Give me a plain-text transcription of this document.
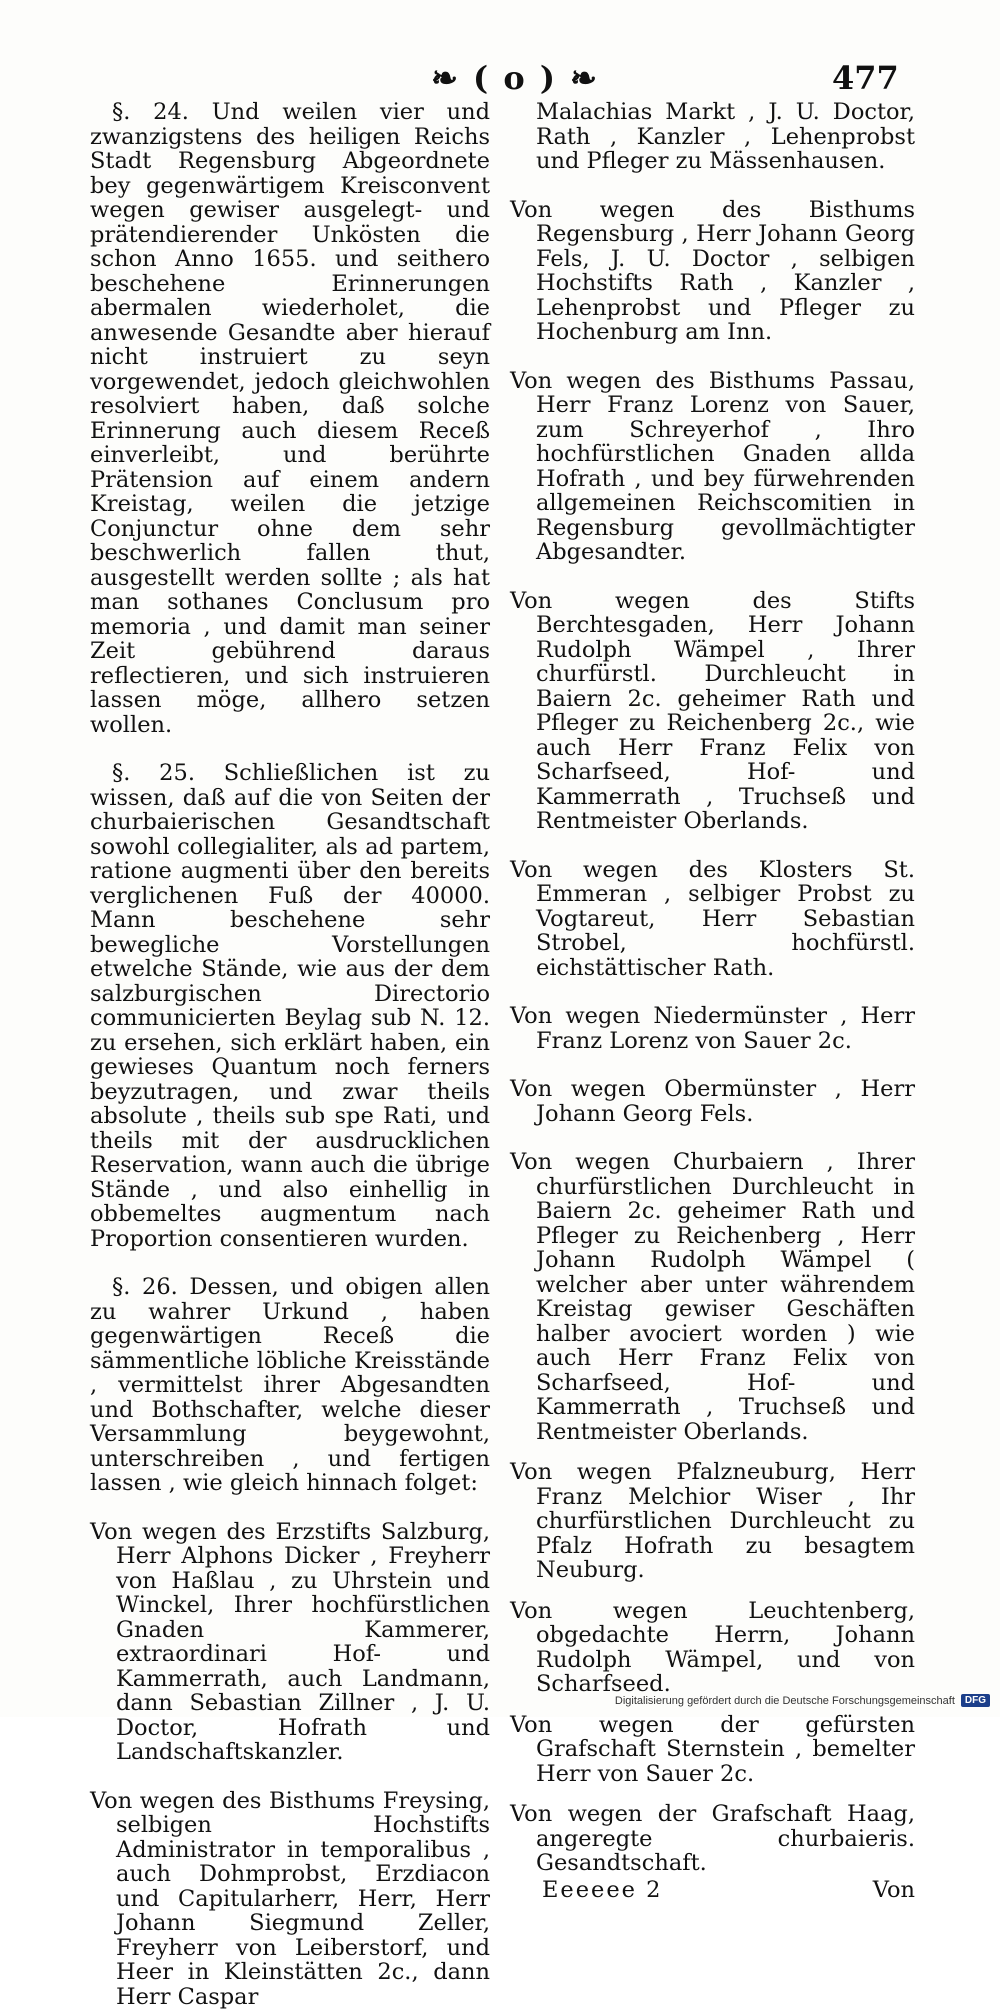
❧ ( o ) ❧	477

§. 24. Und weilen vier und zwanzigstens des heiligen Reichs Stadt Regensburg Abgeordnete bey gegenwärtigem Kreisconvent wegen gewiser ausgelegt- und prätendierender Unkösten die schon Anno 1655. und seithero beschehene Erinnerungen abermalen wiederholet, die anwesende Gesandte aber hierauf nicht instruiert zu seyn vorgewendet, jedoch gleichwohlen resolviert haben, daß solche Erinnerung auch diesem Receß einverleibt, und berührte Prätension auf einem andern Kreistag, weilen die jetzige Conjunctur ohne dem sehr beschwerlich fallen thut, ausgestellt werden sollte ; als hat man sothanes Conclusum pro memoria , und damit man seiner Zeit gebührend daraus reflectieren, und sich instruieren lassen möge, allhero setzen wollen.

§. 25. Schließlichen ist zu wissen, daß auf die von Seiten der churbaierischen Gesandtschaft sowohl collegialiter, als ad partem, ratione augmenti über den bereits verglichenen Fuß der 40000. Mann beschehene sehr bewegliche Vorstellungen etwelche Stände, wie aus der dem salzburgischen Directorio communicierten Beylag sub N. 12. zu ersehen, sich erklärt haben, ein gewieses Quantum noch ferners beyzutragen, und zwar theils absolute , theils sub spe Rati, und theils mit der ausdrucklichen Reservation, wann auch die übrige Stände , und also einhellig in obbemeltes augmentum nach Proportion consentieren wurden.

§. 26. Dessen, und obigen allen zu wahrer Urkund , haben gegenwärtigen Receß die sämmentliche löbliche Kreisstände , vermittelst ihrer Abgesandten und Bothschafter, welche dieser Versammlung beygewohnt, unterschreiben , und fertigen lassen , wie gleich hinnach folget:

Von wegen des Erzstifts Salzburg, Herr Alphons Dicker , Freyherr von Haßlau , zu Uhrstein und Winckel, Ihrer hochfürstlichen Gnaden Kammerer, extraordinari Hof- und Kammerrath, auch Landmann, dann Sebastian Zillner , J. U. Doctor, Hofrath und Landschaftskanzler.

Von wegen des Bisthums Freysing, selbigen Hochstifts Administrator in temporalibus , auch Dohmprobst, Erzdiacon und Capitularherr, Herr, Herr Johann Siegmund Zeller, Freyherr von Leiberstorf, und Heer in Kleinstätten 2c., dann Herr Caspar

Malachias Markt , J. U. Doctor, Rath , Kanzler , Lehenprobst und Pfleger zu Mässenhausen.

Von wegen des Bisthums Regensburg , Herr Johann Georg Fels, J. U. Doctor , selbigen Hochstifts Rath , Kanzler , Lehenprobst und Pfleger zu Hochenburg am Inn.

Von wegen des Bisthums Passau, Herr Franz Lorenz von Sauer, zum Schreyerhof , Ihro hochfürstlichen Gnaden allda Hofrath , und bey fürwehrenden allgemeinen Reichscomitien in Regensburg gevollmächtigter Abgesandter.

Von wegen des Stifts Berchtesgaden, Herr Johann Rudolph Wämpel , Ihrer churfürstl. Durchleucht in Baiern 2c. geheimer Rath und Pfleger zu Reichenberg 2c., wie auch Herr Franz Felix von Scharfseed, Hof- und Kammerrath , Truchseß und Rentmeister Oberlands.

Von wegen des Klosters St. Emmeran , selbiger Probst zu Vogtareut, Herr Sebastian Strobel, hochfürstl. eichstättischer Rath.

Von wegen Niedermünster , Herr Franz Lorenz von Sauer 2c.

Von wegen Obermünster , Herr Johann Georg Fels.

Von wegen Churbaiern , Ihrer churfürstlichen Durchleucht in Baiern 2c. geheimer Rath und Pfleger zu Reichenberg , Herr Johann Rudolph Wämpel ( welcher aber unter währendem Kreistag gewiser Geschäften halber avociert worden ) wie auch Herr Franz Felix von Scharfseed, Hof- und Kammerrath , Truchseß und Rentmeister Oberlands.

Von wegen Pfalzneuburg, Herr Franz Melchior Wiser , Ihr churfürstlichen Durchleucht zu Pfalz Hofrath zu besagtem Neuburg.

Von wegen Leuchtenberg, obgedachte Herrn, Johann Rudolph Wämpel, und von Scharfseed.

Von wegen der gefürsten Grafschaft Sternstein , bemelter Herr von Sauer 2c.

Von wegen der Grafschaft Haag, angeregte churbaieris. Gesandtschaft.

Eeeeee 2	Von
Digitalisierung gefördert durch die Deutsche Forschungsgemeinschaft	DFG
